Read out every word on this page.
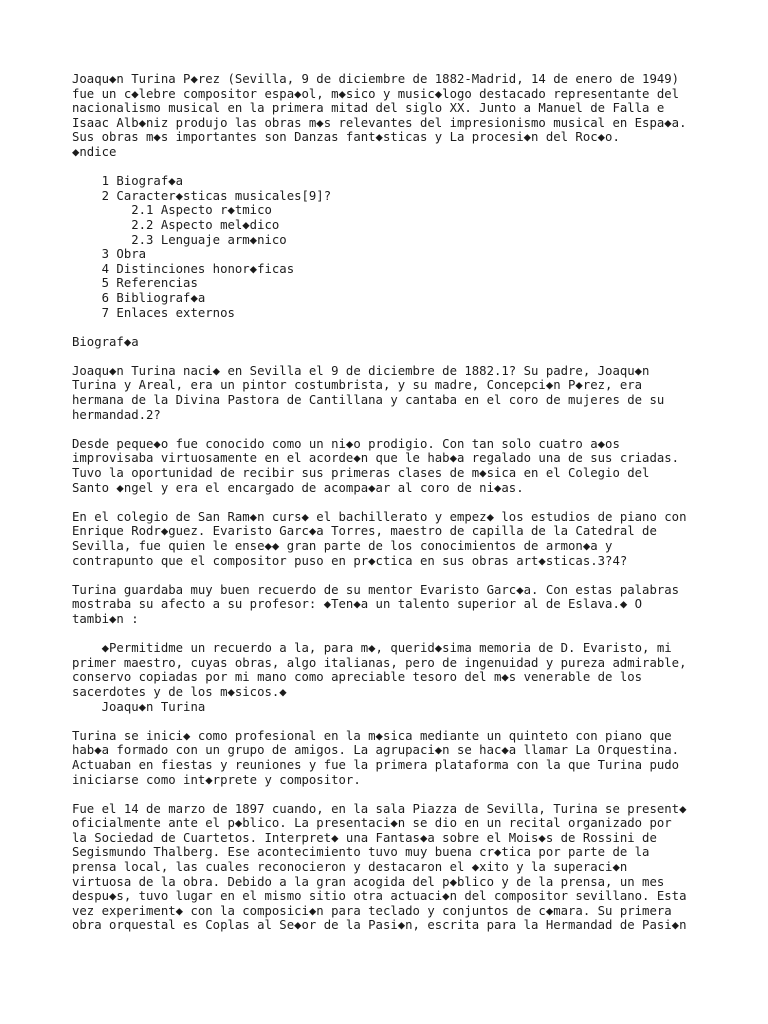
Joaqu◆n Turina P◆rez (Sevilla, 9 de diciembre de 1882-Madrid, 14 de enero de 1949)
fue un c◆lebre compositor espa◆ol, m◆sico y music◆logo destacado representante del
nacionalismo musical en la primera mitad del siglo XX. Junto a Manuel de Falla e
Isaac Alb◆niz produjo las obras m◆s relevantes del impresionismo musical en Espa◆a.
Sus obras m◆s importantes son Danzas fant◆sticas y La procesi◆n del Roc◆o.
◆ndice
1 Biograf◆a
2 Caracter◆sticas musicales[9]?
2.1 Aspecto r◆tmico
2.2 Aspecto mel◆dico
2.3 Lenguaje arm◆nico
3 Obra
4 Distinciones honor◆ficas
5 Referencias
6 Bibliograf◆a
7 Enlaces externos
Biograf◆a
Joaqu◆n Turina naci◆ en Sevilla el 9 de diciembre de 1882.1? Su padre, Joaqu◆n
Turina y Areal, era un pintor costumbrista, y su madre, Concepci◆n P◆rez, era
hermana de la Divina Pastora de Cantillana y cantaba en el coro de mujeres de su
hermandad.2?
Desde peque◆o fue conocido como un ni◆o prodigio. Con tan solo cuatro a◆os
improvisaba virtuosamente en el acorde◆n que le hab◆a regalado una de sus criadas.
Tuvo la oportunidad de recibir sus primeras clases de m◆sica en el Colegio del
Santo ◆ngel y era el encargado de acompa◆ar al coro de ni◆as.
En el colegio de San Ram◆n curs◆ el bachillerato y empez◆ los estudios de piano con
Enrique Rodr◆guez. Evaristo Garc◆a Torres, maestro de capilla de la Catedral de
Sevilla, fue quien le ense◆◆ gran parte de los conocimientos de armon◆a y
contrapunto que el compositor puso en pr◆ctica en sus obras art◆sticas.3?4?
Turina guardaba muy buen recuerdo de su mentor Evaristo Garc◆a. Con estas palabras
mostraba su afecto a su profesor: ◆Ten◆a un talento superior al de Eslava.◆ O
tambi◆n :
◆Permitidme un recuerdo a la, para m◆, querid◆sima memoria de D. Evaristo, mi
primer maestro, cuyas obras, algo italianas, pero de ingenuidad y pureza admirable,
conservo copiadas por mi mano como apreciable tesoro del m◆s venerable de los
sacerdotes y de los m◆sicos.◆
Joaqu◆n Turina
Turina se inici◆ como profesional en la m◆sica mediante un quinteto con piano que
hab◆a formado con un grupo de amigos. La agrupaci◆n se hac◆a llamar La Orquestina.
Actuaban en fiestas y reuniones y fue la primera plataforma con la que Turina pudo
iniciarse como int◆rprete y compositor.
Fue el 14 de marzo de 1897 cuando, en la sala Piazza de Sevilla, Turina se present◆
oficialmente ante el p◆blico. La presentaci◆n se dio en un recital organizado por
la Sociedad de Cuartetos. Interpret◆ una Fantas◆a sobre el Mois◆s de Rossini de
Segismundo Thalberg. Ese acontecimiento tuvo muy buena cr◆tica por parte de la
prensa local, las cuales reconocieron y destacaron el ◆xito y la superaci◆n
virtuosa de la obra. Debido a la gran acogida del p◆blico y de la prensa, un mes
despu◆s, tuvo lugar en el mismo sitio otra actuaci◆n del compositor sevillano. Esta
vez experiment◆ con la composici◆n para teclado y conjuntos de c◆mara. Su primera
obra orquestal es Coplas al Se◆or de la Pasi◆n, escrita para la Hermandad de Pasi◆n
